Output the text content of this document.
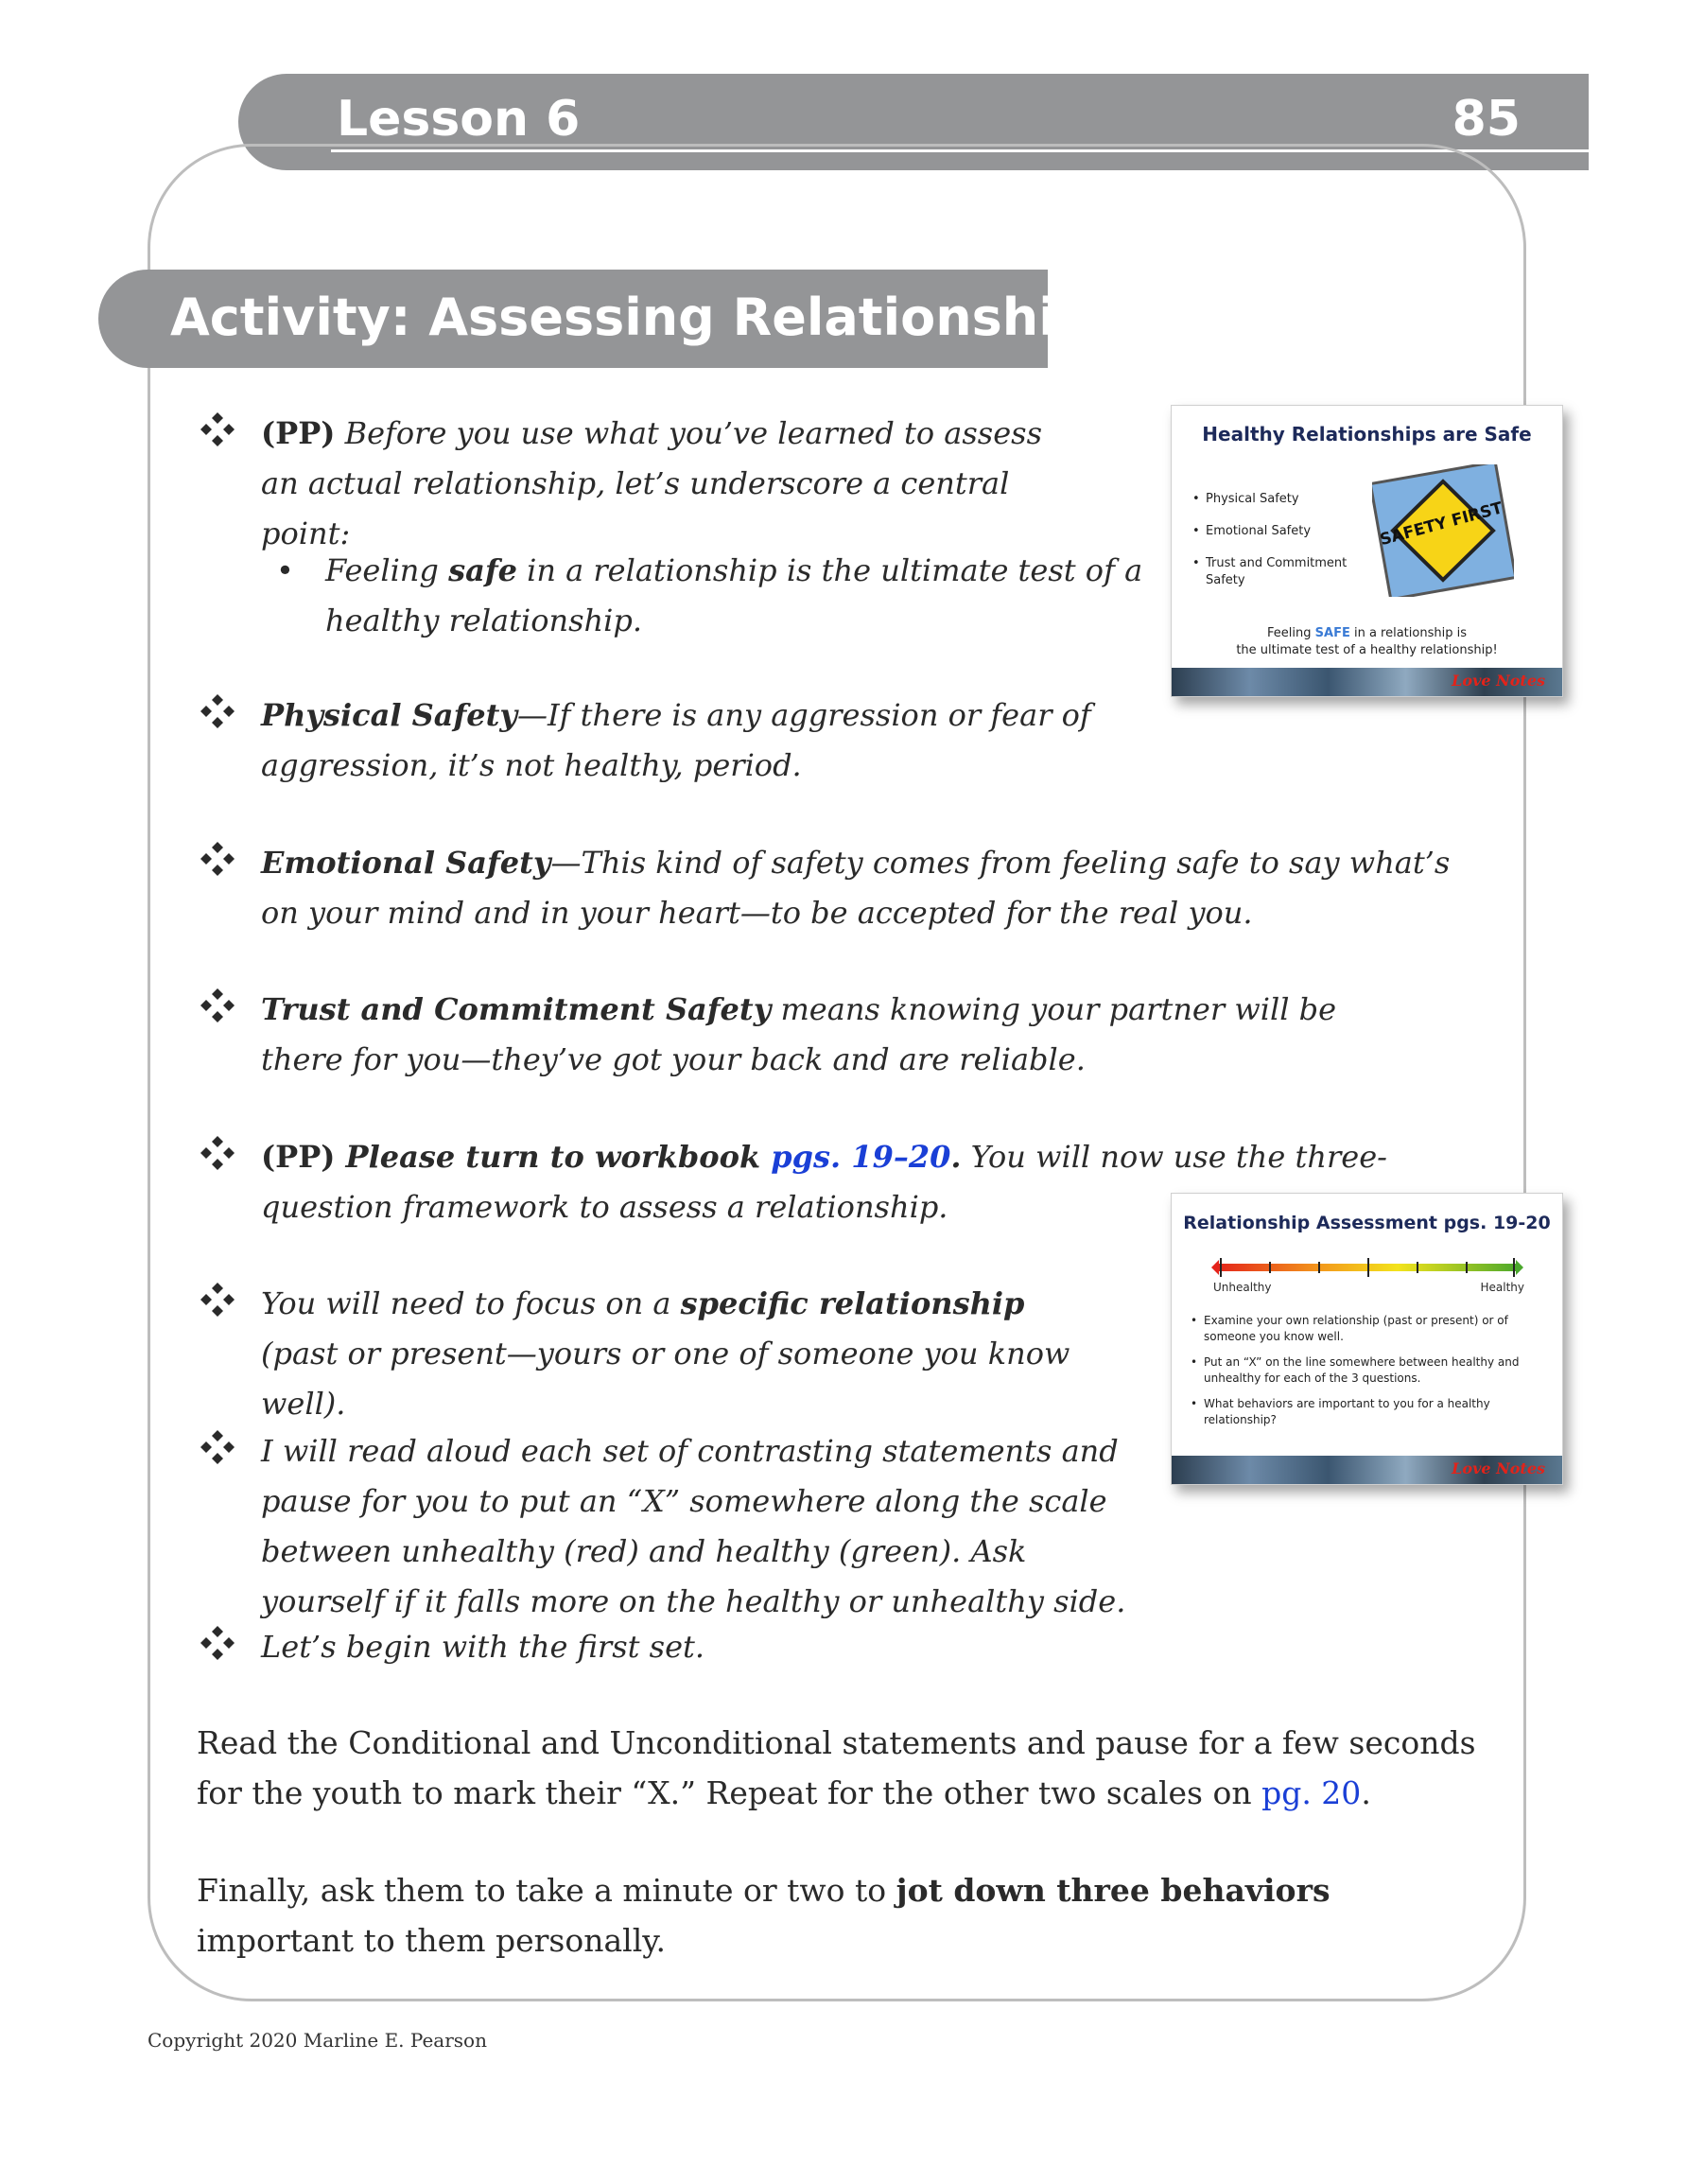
Lesson 6	85
Activity: Assessing Relationships
(PP) Before you use what you’ve learned to assess an actual relationship, let’s underscore a central point:
• Feeling safe in a relationship is the ultimate test of a healthy relationship.
Physical Safety—If there is any aggression or fear of aggression, it’s not healthy, period.
Emotional Safety—This kind of safety comes from feeling safe to say what’s on your mind and in your heart—to be accepted for the real you.
Trust and Commitment Safety means knowing your partner will be there for you—they’ve got your back and are reliable.
(PP) Please turn to workbook pgs. 19–20. You will now use the three-question framework to assess a relationship.
You will need to focus on a specific relationship (past or present—yours or one of someone you know well).
I will read aloud each set of contrasting statements and pause for you to put an “X” somewhere along the scale between unhealthy (red) and healthy (green). Ask yourself if it falls more on the healthy or unhealthy side.
Let’s begin with the first set.
Read the Conditional and Unconditional statements and pause for a few seconds for the youth to mark their “X.” Repeat for the other two scales on pg. 20.
Finally, ask them to take a minute or two to jot down three behaviors important to them personally.
Copyright 2020 Marline E. Pearson
Healthy Relationships are Safe
• Physical Safety
• Emotional Safety
• Trust and Commitment Safety
SAFETY FIRST
Feeling SAFE in a relationship is
the ultimate test of a healthy relationship!
Love Notes
Relationship Assessment pgs. 19-20
Unhealthy	Healthy
• Examine your own relationship (past or present) or of someone you know well.
• Put an “X” on the line somewhere between healthy and unhealthy for each of the 3 questions.
• What behaviors are important to you for a healthy relationship?
Love Notes
